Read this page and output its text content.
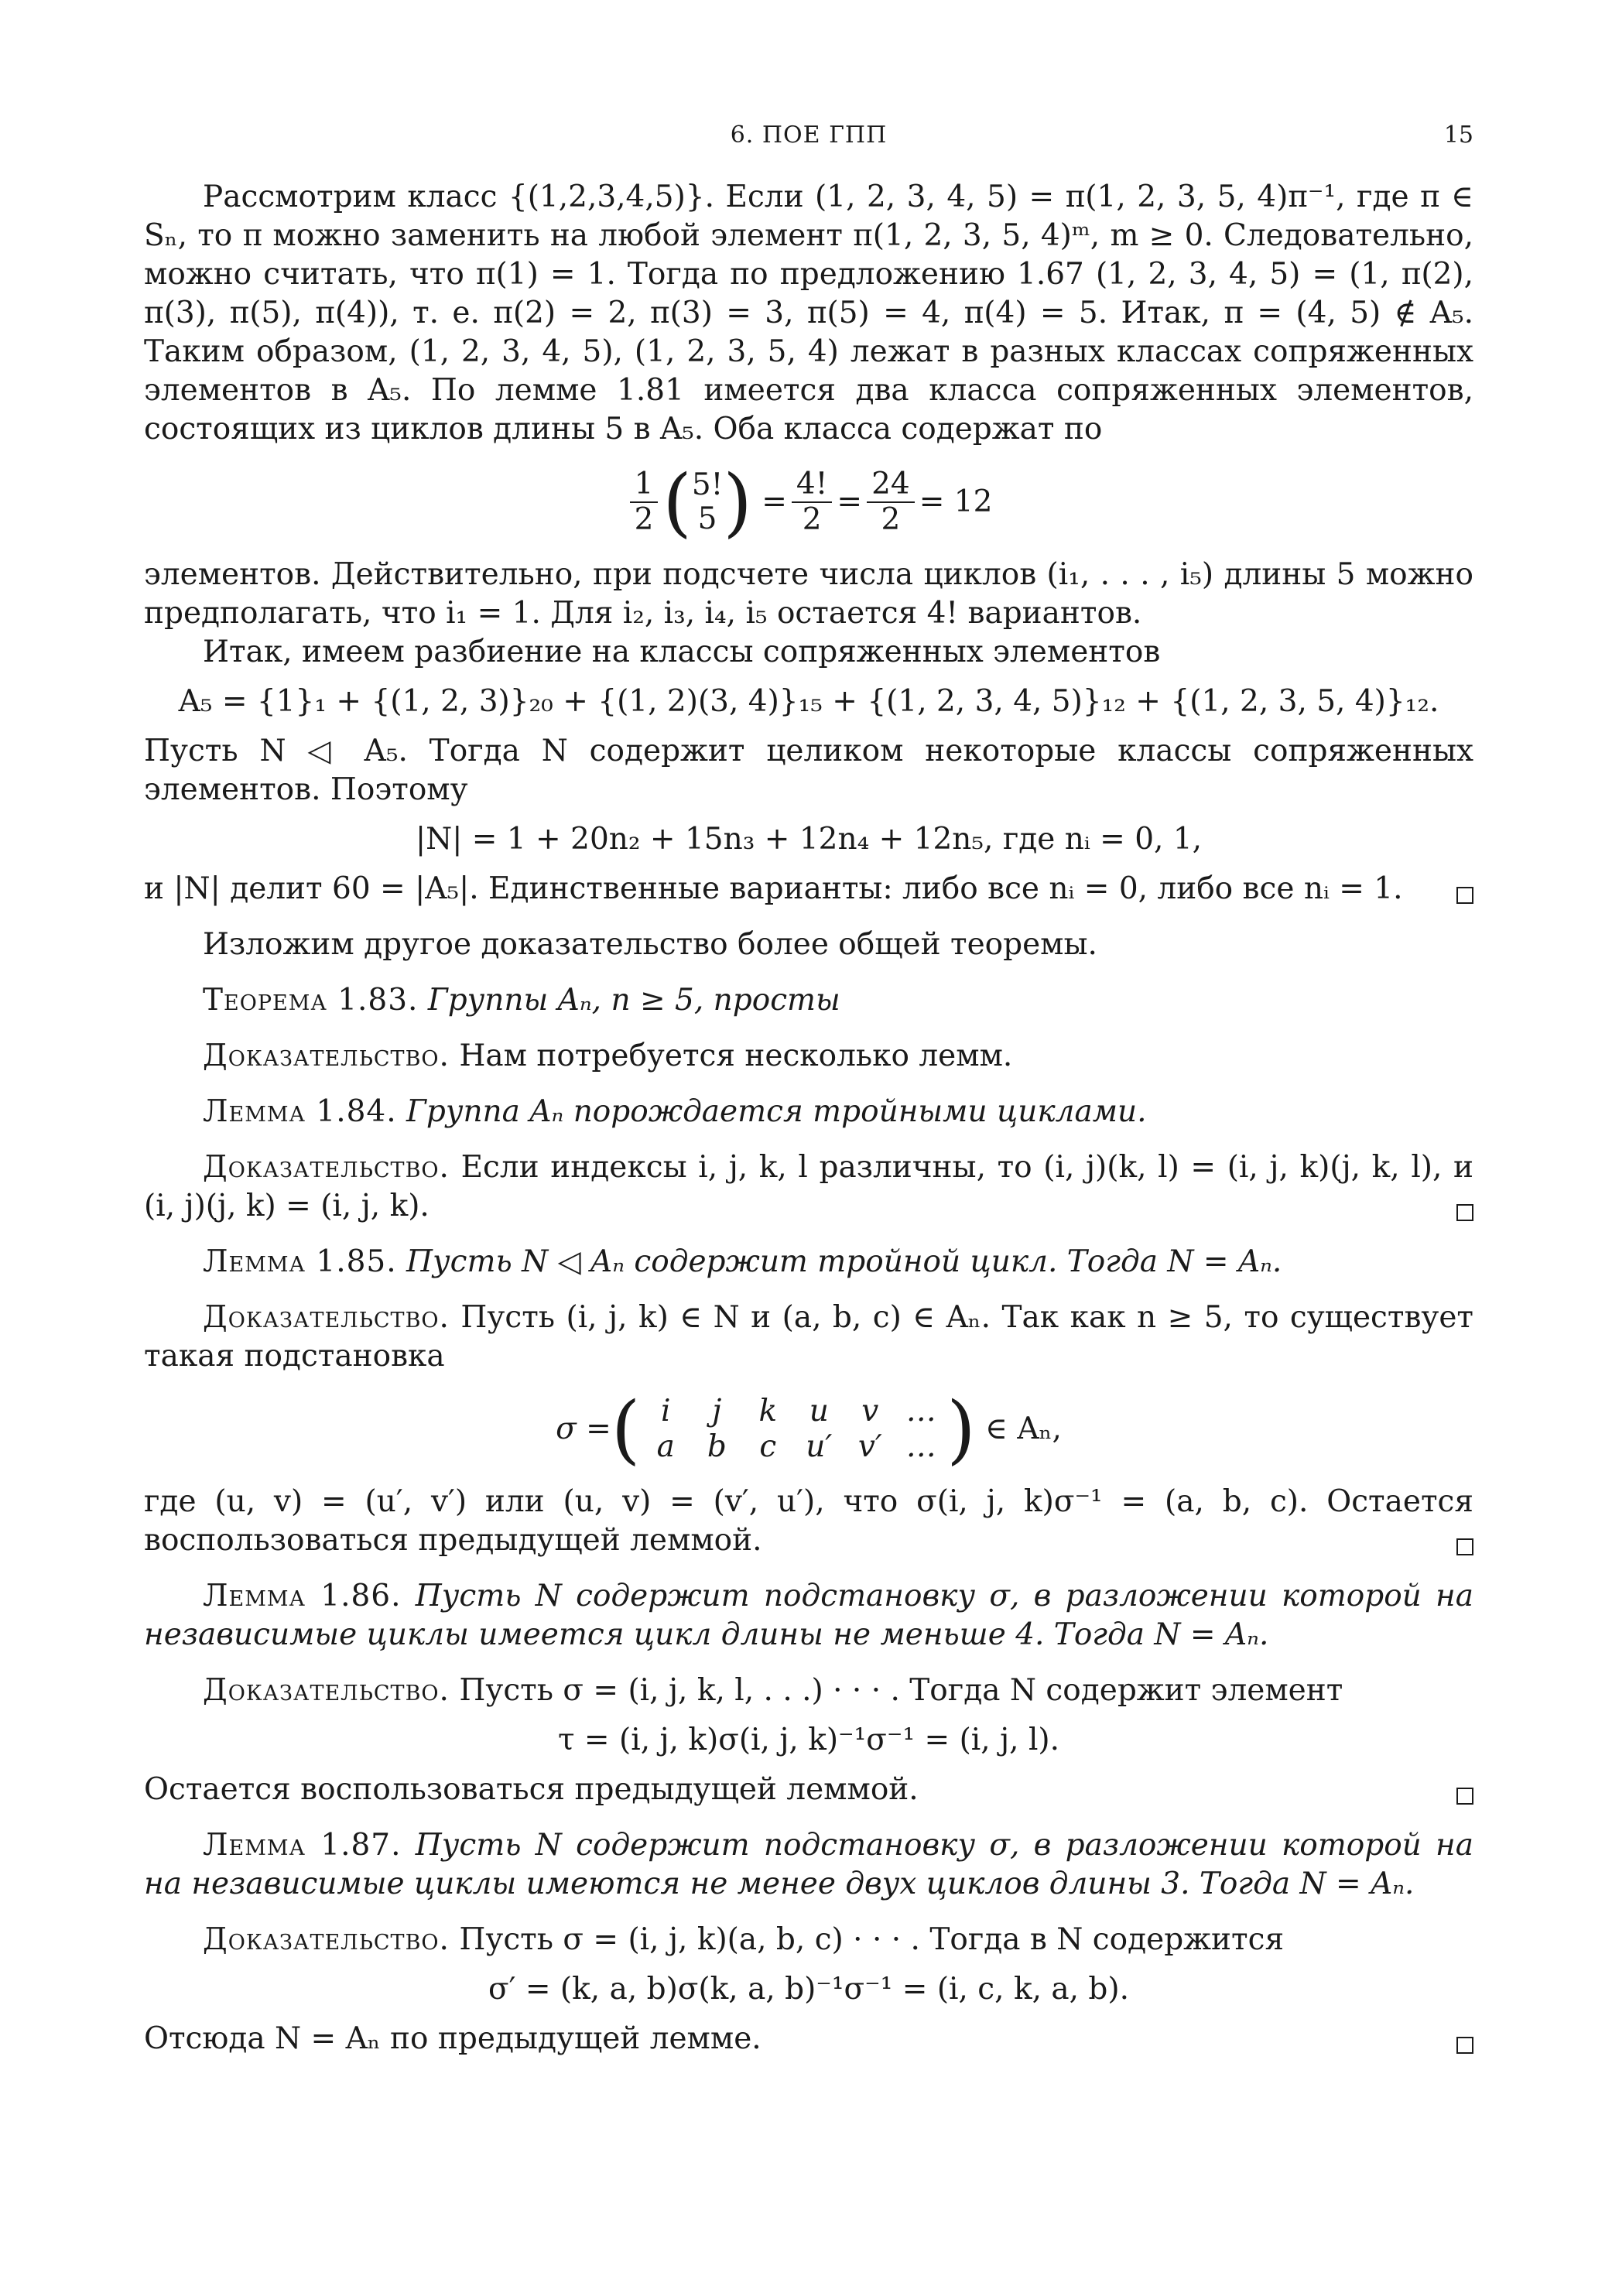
6. ПОЕ ГПП	15

Рассмотрим класс {(1,2,3,4,5)}. Если (1, 2, 3, 4, 5) = π(1, 2, 3, 5, 4)π⁻¹, где π ∈ Sₙ, то π можно заменить на любой элемент π(1, 2, 3, 5, 4)ᵐ, m ≥ 0. Следовательно, можно считать, что π(1) = 1. Тогда по предложению 1.67 (1, 2, 3, 4, 5) = (1, π(2), π(3), π(5), π(4)), т. е. π(2) = 2, π(3) = 3, π(5) = 4, π(4) = 5. Итак, π = (4, 5) ∉ A₅. Таким образом, (1, 2, 3, 4, 5), (1, 2, 3, 5, 4) лежат в разных классах сопряженных элементов в A₅. По лемме 1.81 имеется два класса сопряженных элементов, состоящих из циклов длины 5 в A₅. Оба класса содержат по

$\frac{1}{2}$ ( 5!
5 )
= $\frac{4!}{2} = \frac{24}{2} = 12$

элементов. Действительно, при подсчете числа циклов (i₁, . . . , i₅) длины 5 можно предполагать, что i₁ = 1. Для i₂, i₃, i₄, i₅ остается 4! вариантов.

Итак, имеем разбиение на классы сопряженных элементов

A₅ = {1}₁ + {(1, 2, 3)}₂₀ + {(1, 2)(3, 4)}₁₅ + {(1, 2, 3, 4, 5)}₁₂ + {(1, 2, 3, 5, 4)}₁₂.

Пусть N ◁ A₅. Тогда N содержит целиком некоторые классы сопряженных элементов. Поэтому

|N| = 1 + 20n₂ + 15n₃ + 12n₄ + 12n₅, где nᵢ = 0, 1,

и |N| делит 60 = |A₅|. Единственные варианты: либо все nᵢ = 0, либо все nᵢ = 1.

Изложим другое доказательство более общей теоремы.

Теорема 1.83. Группы Aₙ, n ≥ 5, просты

Доказательство. Нам потребуется несколько лемм.

Лемма 1.84. Группа Aₙ порождается тройными циклами.

Доказательство. Если индексы i, j, k, l различны, то (i, j)(k, l) = (i, j, k)(j, k, l), и (i, j)(j, k) = (i, j, k).

Лемма 1.85. Пусть N ◁ Aₙ содержит тройной цикл. Тогда N = Aₙ.

Доказательство. Пусть (i, j, k) ∈ N и (a, b, c) ∈ Aₙ. Так как n ≥ 5, то существует такая подстановка

σ = ( i	j	k	u	v …
a	b	c u′ v′ … )
∈ Aₙ,

где (u, v) = (u′, v′) или (u, v) = (v′, u′), что σ(i, j, k)σ⁻¹ = (a, b, c). Остается воспользоваться предыдущей леммой.

Лемма 1.86. Пусть N содержит подстановку σ, в разложении которой на независимые циклы имеется цикл длины не меньше 4. Тогда N = Aₙ.

Доказательство. Пусть σ = (i, j, k, l, . . .) · · · . Тогда N содержит элемент

τ = (i, j, k)σ(i, j, k)⁻¹σ⁻¹ = (i, j, l).

Остается воспользоваться предыдущей леммой.

Лемма 1.87. Пусть N содержит подстановку σ, в разложении которой на на независимые циклы имеются не менее двух циклов длины 3. Тогда N = Aₙ.

Доказательство. Пусть σ = (i, j, k)(a, b, c) · · · . Тогда в N содержится

σ′ = (k, a, b)σ(k, a, b)⁻¹σ⁻¹ = (i, c, k, a, b).

Отсюда N = Aₙ по предыдущей лемме.
